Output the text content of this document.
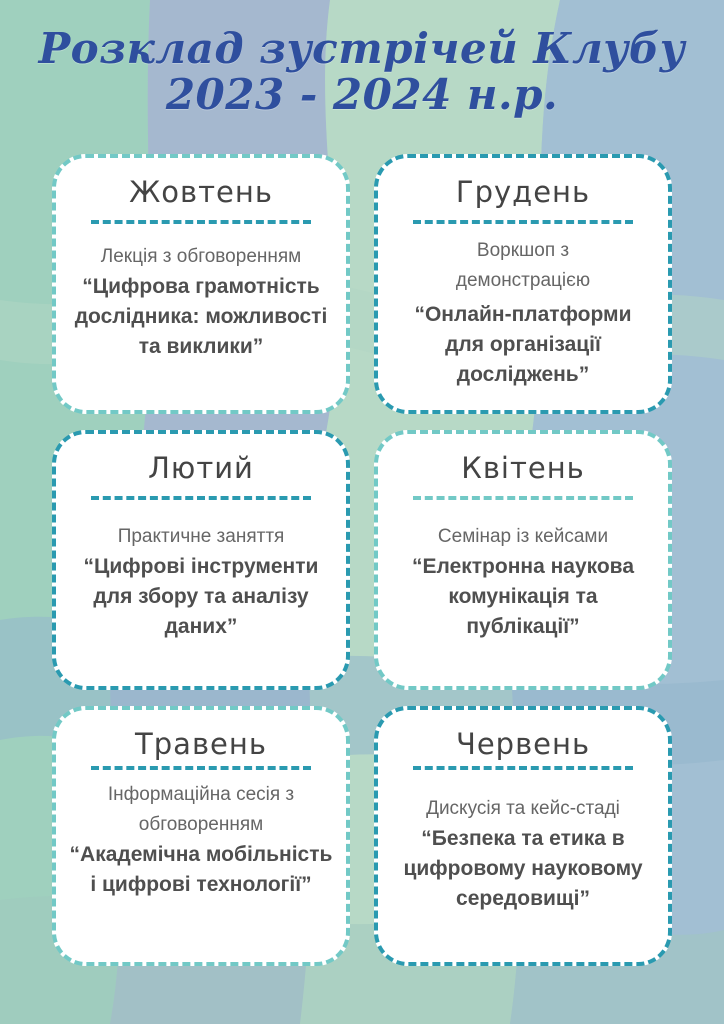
Розклад зустрічей Клубу
2023 - 2024 н.р.
Жовтень
Лекція з обговоренням
“Цифрова грамотність дослідника: можливості та виклики”
Грудень
Воркшоп з демонстрацією
“Онлайн-платформи для організації досліджень”
Лютий
Практичне заняття
“Цифрові інструменти для збору та аналізу даних”
Квітень
Семінар із кейсами
“Електронна наукова комунікація та публікації”
Травень
Інформаційна сесія з обговоренням
“Академічна мобільність і цифрові технології”
Червень
Дискусія та кейс-стаді
“Безпека та етика в цифровому науковому середовищі”
